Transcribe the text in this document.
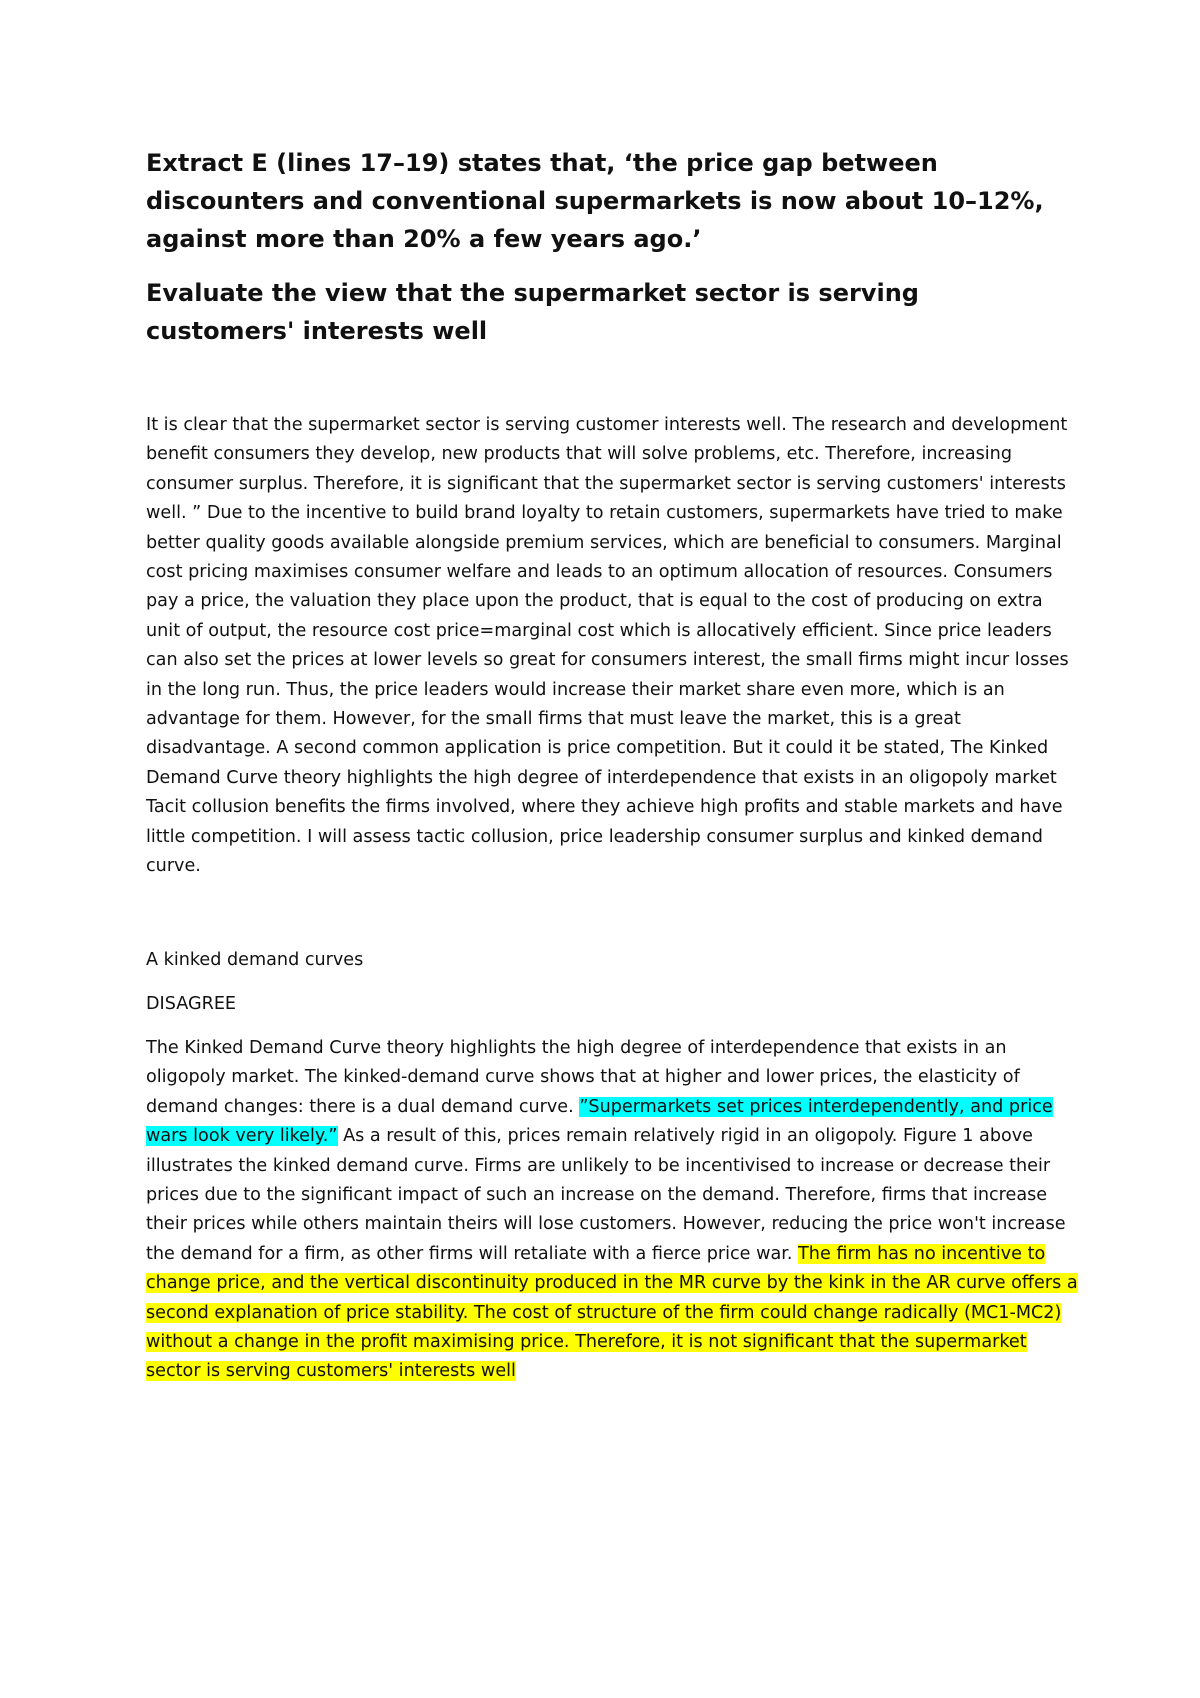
Extract E (lines 17–19) states that, ‘the price gap between discounters and conventional supermarkets is now about 10–12%, against more than 20% a few years ago.’

Evaluate the view that the supermarket sector is serving customers' interests well

It is clear that the supermarket sector is serving customer interests well. The research and development benefit consumers they develop, new products that will solve problems, etc. Therefore, increasing consumer surplus. Therefore, it is significant that the supermarket sector is serving customers' interests well. ” Due to the incentive to build brand loyalty to retain customers, supermarkets have tried to make better quality goods available alongside premium services, which are beneficial to consumers. Marginal cost pricing maximises consumer welfare and leads to an optimum allocation of resources. Consumers pay a price, the valuation they place upon the product, that is equal to the cost of producing on extra unit of output, the resource cost price=marginal cost which is allocatively efficient. Since price leaders can also set the prices at lower levels so great for consumers interest, the small firms might incur losses in the long run. Thus, the price leaders would increase their market share even more, which is an advantage for them. However, for the small firms that must leave the market, this is a great disadvantage. A second common application is price competition. But it could it be stated, The Kinked Demand Curve theory highlights the high degree of interdependence that exists in an oligopoly market Tacit collusion benefits the firms involved, where they achieve high profits and stable markets and have little competition. I will assess tactic collusion, price leadership consumer surplus and kinked demand curve.

A kinked demand curves

DISAGREE

The Kinked Demand Curve theory highlights the high degree of interdependence that exists in an oligopoly market. The kinked-demand curve shows that at higher and lower prices, the elasticity of demand changes: there is a dual demand curve. ”Supermarkets set prices interdependently, and price wars look very likely.” As a result of this, prices remain relatively rigid in an oligopoly. Figure 1 above illustrates the kinked demand curve. Firms are unlikely to be incentivised to increase or decrease their prices due to the significant impact of such an increase on the demand. Therefore, firms that increase their prices while others maintain theirs will lose customers. However, reducing the price won't increase the demand for a firm, as other firms will retaliate with a fierce price war. The firm has no incentive to change price, and the vertical discontinuity produced in the MR curve by the kink in the AR curve offers a second explanation of price stability. The cost of structure of the firm could change radically (MC1-MC2) without a change in the profit maximising price. Therefore, it is not significant that the supermarket sector is serving customers' interests well
